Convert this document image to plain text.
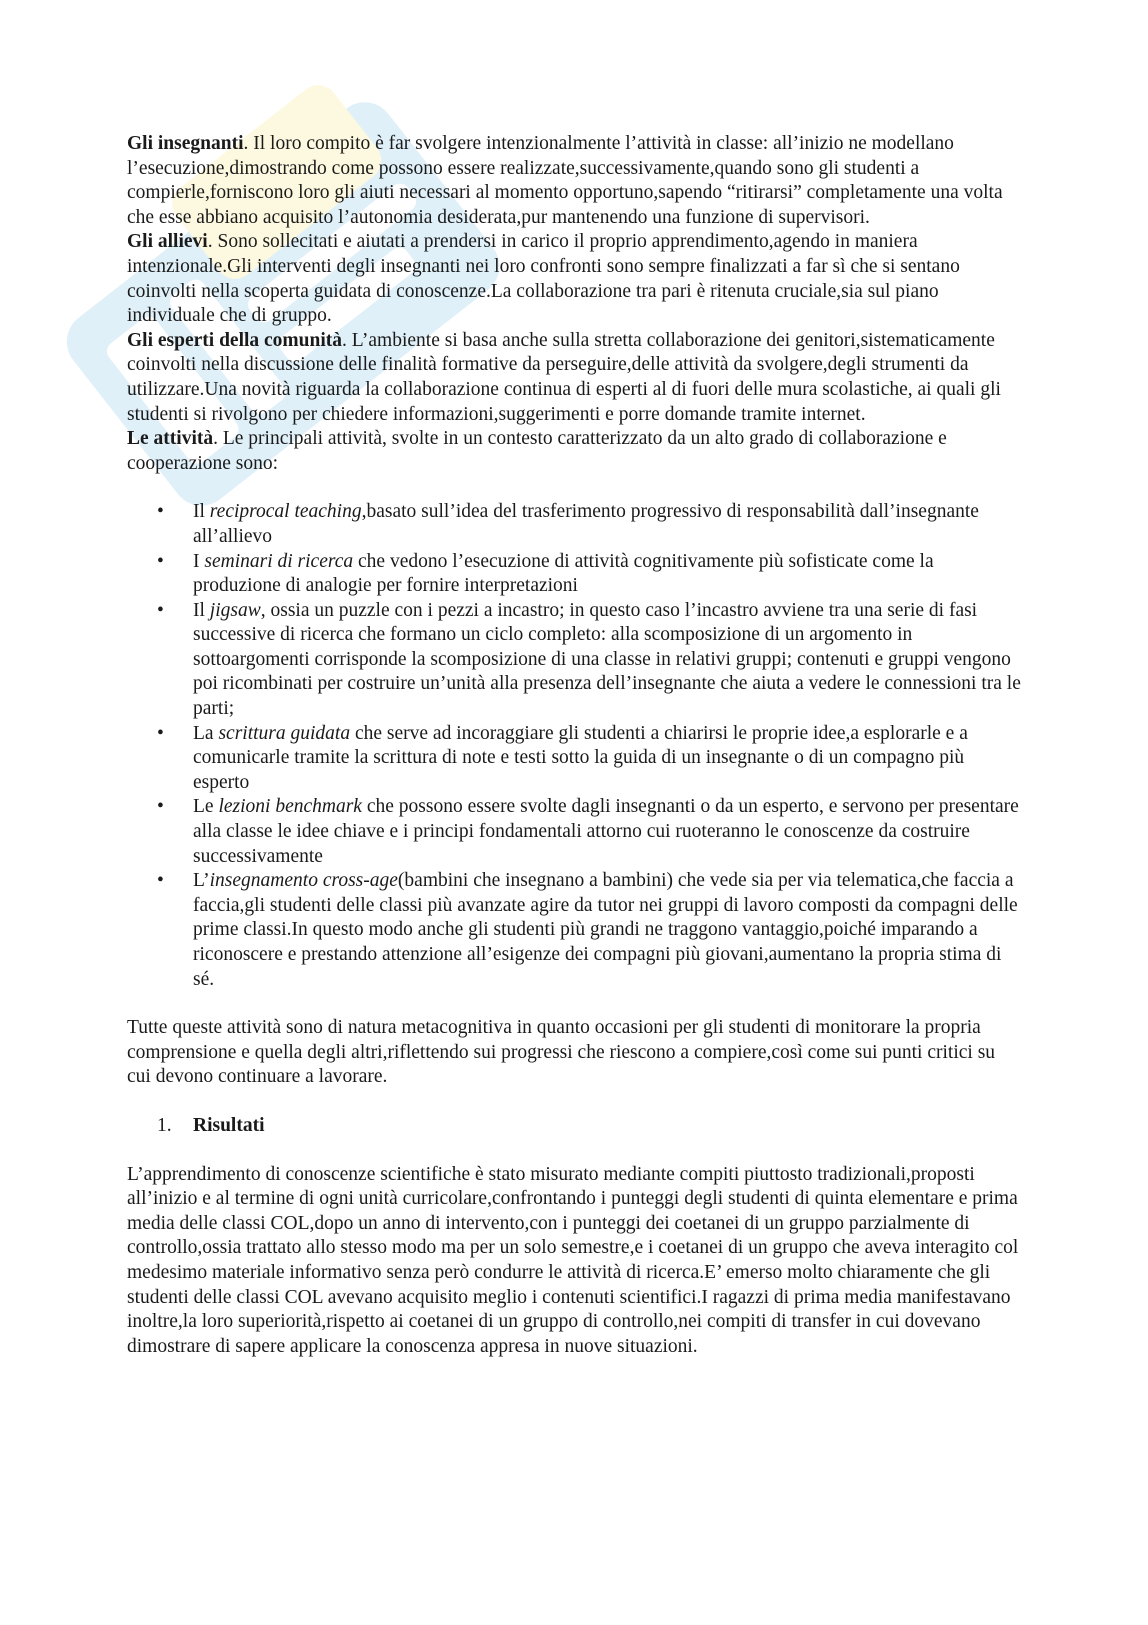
Gli insegnanti. Il loro compito è far svolgere intenzionalmente l’attività in classe: all’inizio ne modellano l’esecuzione,dimostrando come possono essere realizzate,successivamente,quando sono gli studenti a compierle,forniscono loro gli aiuti necessari al momento opportuno,sapendo “ritirarsi” completamente una volta che esse abbiano acquisito l’autonomia desiderata,pur mantenendo una funzione di supervisori.

Gli allievi. Sono sollecitati e aiutati a prendersi in carico il proprio apprendimento,agendo in maniera intenzionale.Gli interventi degli insegnanti nei loro confronti sono sempre finalizzati a far sì che si sentano coinvolti nella scoperta guidata di conoscenze.La collaborazione tra pari è ritenuta cruciale,sia sul piano individuale che di gruppo.

Gli esperti della comunità. L’ambiente si basa anche sulla stretta collaborazione dei genitori,sistematicamente coinvolti nella discussione delle finalità formative da perseguire,delle attività da svolgere,degli strumenti da utilizzare.Una novità riguarda la collaborazione continua di esperti al di fuori delle mura scolastiche, ai quali gli studenti si rivolgono per chiedere informazioni,suggerimenti e porre domande tramite internet.

Le attività. Le principali attività, svolte in un contesto caratterizzato da un alto grado di collaborazione e cooperazione sono:

• Il reciprocal teaching,basato sull’idea del trasferimento progressivo di responsabilità dall’insegnante all’allievo
• I seminari di ricerca che vedono l’esecuzione di attività cognitivamente più sofisticate come la produzione di analogie per fornire interpretazioni
• Il jigsaw, ossia un puzzle con i pezzi a incastro; in questo caso l’incastro avviene tra una serie di fasi successive di ricerca che formano un ciclo completo: alla scomposizione di un argomento in sottoargomenti corrisponde la scomposizione di una classe in relativi gruppi; contenuti e gruppi vengono poi ricombinati per costruire un’unità alla presenza dell’insegnante che aiuta a vedere le connessioni tra le parti;
• La scrittura guidata che serve ad incoraggiare gli studenti a chiarirsi le proprie idee,a esplorarle e a comunicarle tramite la scrittura di note e testi sotto la guida di un insegnante o di un compagno più esperto
• Le lezioni benchmark che possono essere svolte dagli insegnanti o da un esperto, e servono per presentare alla classe le idee chiave e i principi fondamentali attorno cui ruoteranno le conoscenze da costruire successivamente
• L’insegnamento cross-age(bambini che insegnano a bambini) che vede sia per via telematica,che faccia a faccia,gli studenti delle classi più avanzate agire da tutor nei gruppi di lavoro composti da compagni delle prime classi.In questo modo anche gli studenti più grandi ne traggono vantaggio,poiché imparando a riconoscere e prestando attenzione all’esigenze dei compagni più giovani,aumentano la propria stima di sé.

Tutte queste attività sono di natura metacognitiva in quanto occasioni per gli studenti di monitorare la propria comprensione e quella degli altri,riflettendo sui progressi che riescono a compiere,così come sui punti critici su cui devono continuare a lavorare.

1.	Risultati

L’apprendimento di conoscenze scientifiche è stato misurato mediante compiti piuttosto tradizionali,proposti all’inizio e al termine di ogni unità curricolare,confrontando i punteggi degli studenti di quinta elementare e prima media delle classi COL,dopo un anno di intervento,con i punteggi dei coetanei di un gruppo parzialmente di controllo,ossia trattato allo stesso modo ma per un solo semestre,e i coetanei di un gruppo che aveva interagito col medesimo materiale informativo senza però condurre le attività di ricerca.E’ emerso molto chiaramente che gli studenti delle classi COL avevano acquisito meglio i contenuti scientifici.I ragazzi di prima media manifestavano inoltre,la loro superiorità,rispetto ai coetanei di un gruppo di controllo,nei compiti di transfer in cui dovevano dimostrare di sapere applicare la conoscenza appresa in nuove situazioni.
